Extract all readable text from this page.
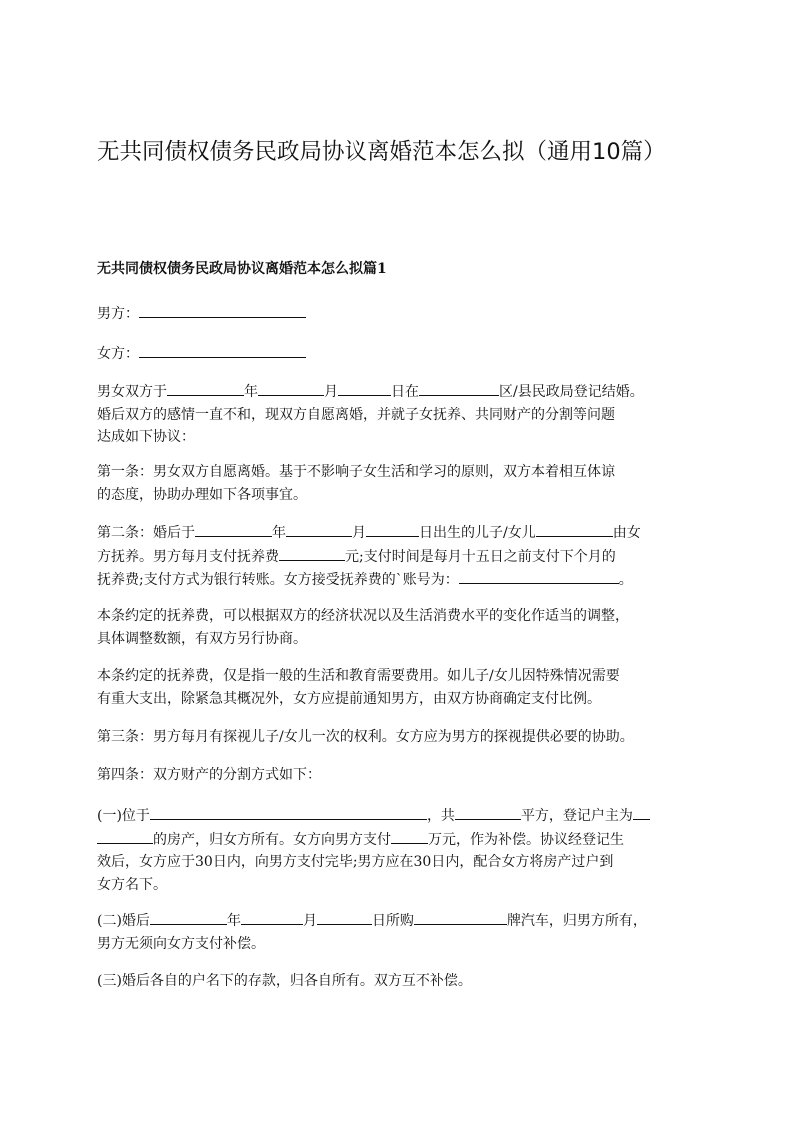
无共同债权债务民政局协议离婚范本怎么拟（通用10篇）
无共同债权债务民政局协议离婚范本怎么拟篇1

男方：

女方：

男女双方于	年	月	日在	区/县民政局登记结婚。
婚后双方的感情一直不和，现双方自愿离婚，并就子女抚养、共同财产的分割等问题
达成如下协议：
第一条：男女双方自愿离婚。基于不影响子女生活和学习的原则，双方本着相互体谅
的态度，协助办理如下各项事宜。
第二条：婚后于	年	月	日出生的儿子/女儿	由女
方抚养。男方每月支付抚养费	元;支付时间是每月十五日之前支付下个月的
抚养费;支付方式为银行转账。女方接受抚养费的`账号为：	。
本条约定的抚养费，可以根据双方的经济状况以及生活消费水平的变化作适当的调整，
具体调整数额，有双方另行协商。
本条约定的抚养费，仅是指一般的生活和教育需要费用。如儿子/女儿因特殊情况需要
有重大支出，除紧急其概况外，女方应提前通知男方，由双方协商确定支付比例。

第三条：男方每月有探视儿子/女儿一次的权利。女方应为男方的探视提供必要的协助。

第四条：双方财产的分割方式如下：

(一)位于	，共	平方，登记户主为
的房产，归女方所有。女方向男方支付	万元，作为补偿。协议经登记生
效后，女方应于30日内，向男方支付完毕;男方应在30日内，配合女方将房产过户到
女方名下。
(二)婚后	年	月	日所购	牌汽车，归男方所有，
男方无须向女方支付补偿。

(三)婚后各自的户名下的存款，归各自所有。双方互不补偿。
